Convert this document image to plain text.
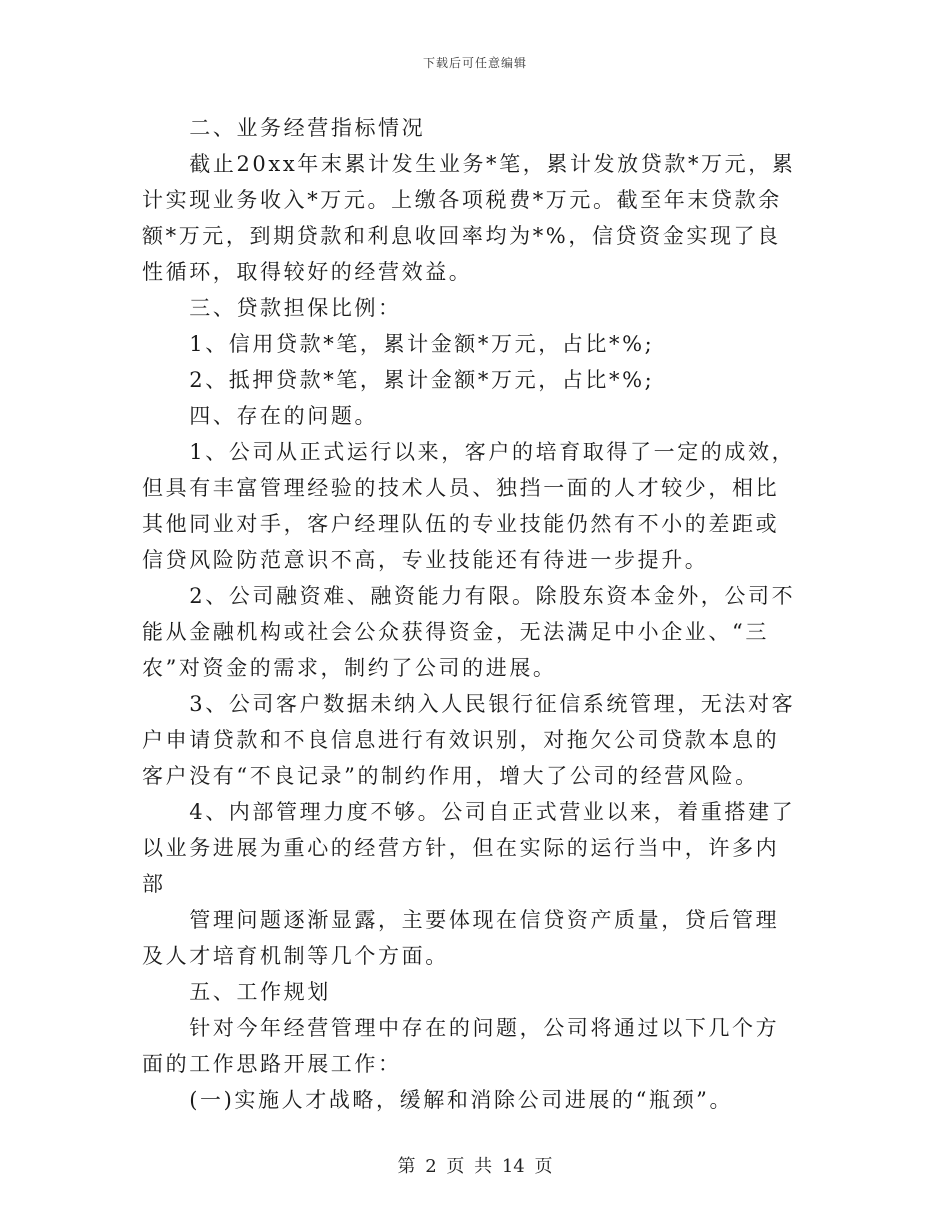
下载后可任意编辑

二、业务经营指标情况

截止20xx年末累计发生业务*笔，累计发放贷款*万元，累计实现业务收入*万元。上缴各项税费*万元。截至年末贷款余额*万元，到期贷款和利息收回率均为*%，信贷资金实现了良性循环，取得较好的经营效益。

三、贷款担保比例：

1、信用贷款*笔，累计金额*万元，占比*%;

2、抵押贷款*笔，累计金额*万元，占比*%;

四、存在的问题。

1、公司从正式运行以来，客户的培育取得了一定的成效，但具有丰富管理经验的技术人员、独挡一面的人才较少，相比其他同业对手，客户经理队伍的专业技能仍然有不小的差距或信贷风险防范意识不高，专业技能还有待进一步提升。

2、公司融资难、融资能力有限。除股东资本金外，公司不能从金融机构或社会公众获得资金，无法满足中小企业、“三农”对资金的需求，制约了公司的进展。

3、公司客户数据未纳入人民银行征信系统管理，无法对客户申请贷款和不良信息进行有效识别，对拖欠公司贷款本息的客户没有“不良记录”的制约作用，增大了公司的经营风险。

4、内部管理力度不够。公司自正式营业以来，着重搭建了以业务进展为重心的经营方针，但在实际的运行当中，许多内部

管理问题逐渐显露，主要体现在信贷资产质量，贷后管理及人才培育机制等几个方面。

五、工作规划

针对今年经营管理中存在的问题，公司将通过以下几个方面的工作思路开展工作：

(一)实施人才战略，缓解和消除公司进展的“瓶颈”。

第 2 页 共 14 页
